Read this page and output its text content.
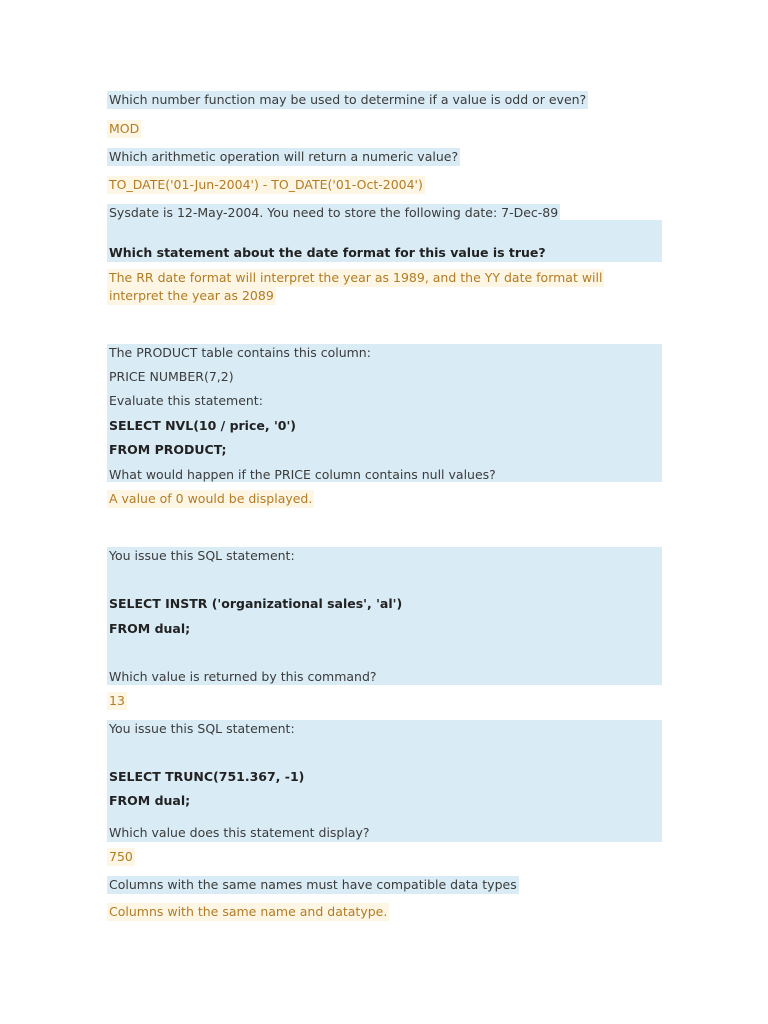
Which number function may be used to determine if a value is odd or even?
MOD
Which arithmetic operation will return a numeric value?
TO_DATE('01-Jun-2004') - TO_DATE('01-Oct-2004')
Sysdate is 12-May-2004. You need to store the following date: 7-Dec-89
Which statement about the date format for this value is true?
The RR date format will interpret the year as 1989, and the YY date format will
interpret the year as 2089
The PRODUCT table contains this column:
PRICE NUMBER(7,2)
Evaluate this statement:
SELECT NVL(10 / price, '0')
FROM PRODUCT;
What would happen if the PRICE column contains null values?
A value of 0 would be displayed.
You issue this SQL statement:
SELECT INSTR ('organizational sales', 'al')
FROM dual;
Which value is returned by this command?
13
You issue this SQL statement:
SELECT TRUNC(751.367, -1)
FROM dual;
Which value does this statement display?
750
Columns with the same names must have compatible data types
Columns with the same name and datatype.
